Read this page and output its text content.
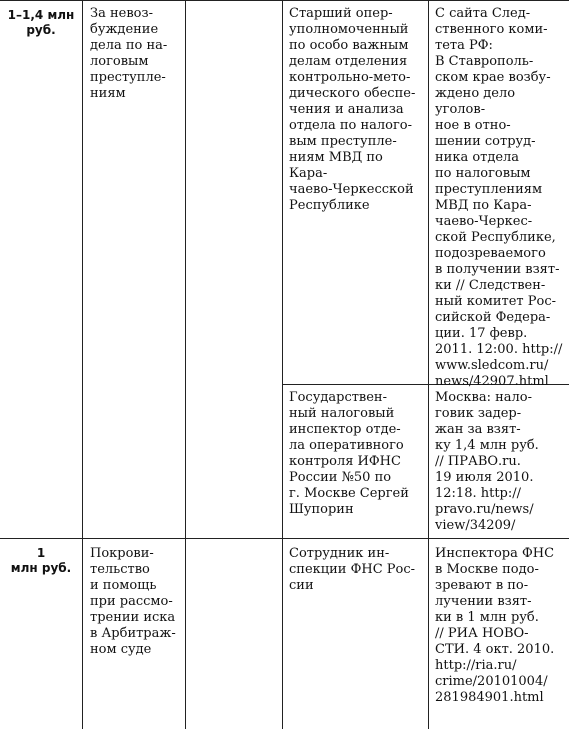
1–1,4 млн
руб.
За невоз-
буждение
дела по на-
логовым
преступле-
ниям
Старший опер-
уполномоченный
по особо важным
делам отделения
контрольно-мето-
дического обеспе-
чения и анализа
отдела по налого-
вым преступле-
ниям МВД по Кара-
чаево-Черкесской
Республике
С сайта След-
ственного коми-
тета РФ:
В Ставрополь-
ском крае возбу-
ждено дело уголов-
ное в отно-
шении сотруд-
ника отдела
по налоговым
преступлениям
МВД по Кара-
чаево-Черкес-
ской Республике,
подозреваемого
в получении взят-
ки // Следствен-
ный комитет Рос-
сийской Федера-
ции. 17 февр.
2011. 12:00. http://
www.sledcom.ru/
news/42907.html
Государствен-
ный налоговый
инспектор отде-
ла оперативного
контроля ИФНС
России №50 по
г. Москве Сергей
Шупорин
Москва: нало-
говик задер-
жан за взят-
ку 1,4 млн руб.
// ПРАВО.ru.
19 июля 2010.
12:18. http://
pravo.ru/news/
view/34209/
1
млн руб.
Покрови-
тельство
и помощь
при рассмо-
трении иска
в Арбитраж-
ном суде
Сотрудник ин-
спекции ФНС Рос-
сии
Инспектора ФНС
в Москве подо-
зревают в по-
лучении взят-
ки в 1 млн руб.
// РИА НОВО-
СТИ. 4 окт. 2010.
http://ria.ru/
crime/20101004/
281984901.html
